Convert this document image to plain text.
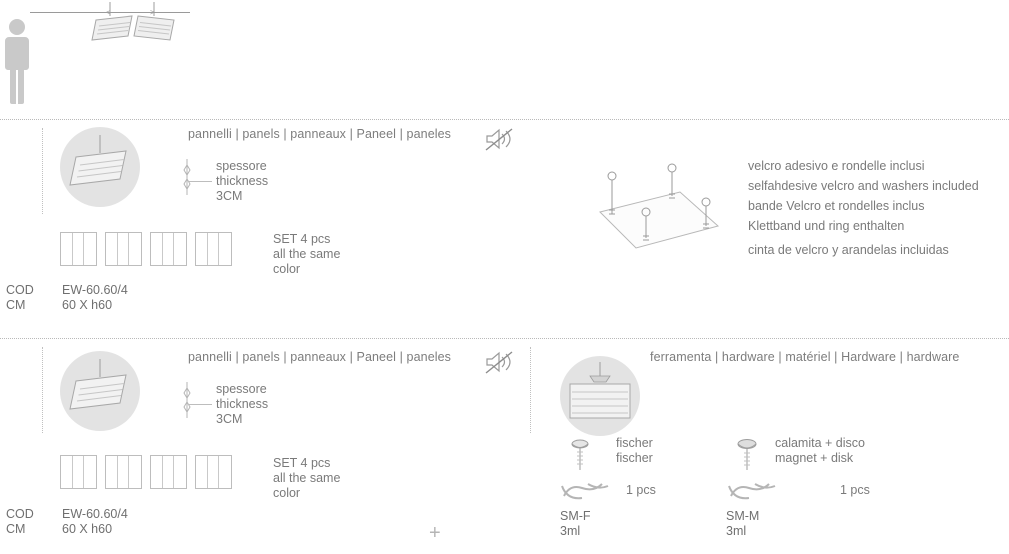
<	>
pannelli | panels | panneaux | Paneel | paneles
spessore
thickness
3CM
SET 4 pcs
all the same
color
COD EW-60.60/4
CM	60 X h60
velcro adesivo e rondelle inclusi
selfahdesive velcro and washers included
bande Velcro et rondelles inclus
Klettband und ring enthalten
cinta de velcro y arandelas incluidas
pannelli | panels | panneaux | Paneel | paneles
spessore
thickness
3CM
SET 4 pcs
all the same
color
COD EW-60.60/4
CM	60 X h60	+
ferramenta | hardware | matériel | Hardware | hardware
fischer
fischer
1 pcs
SM-F
3ml
calamita + disco
magnet + disk
1 pcs
SM-M
3ml
